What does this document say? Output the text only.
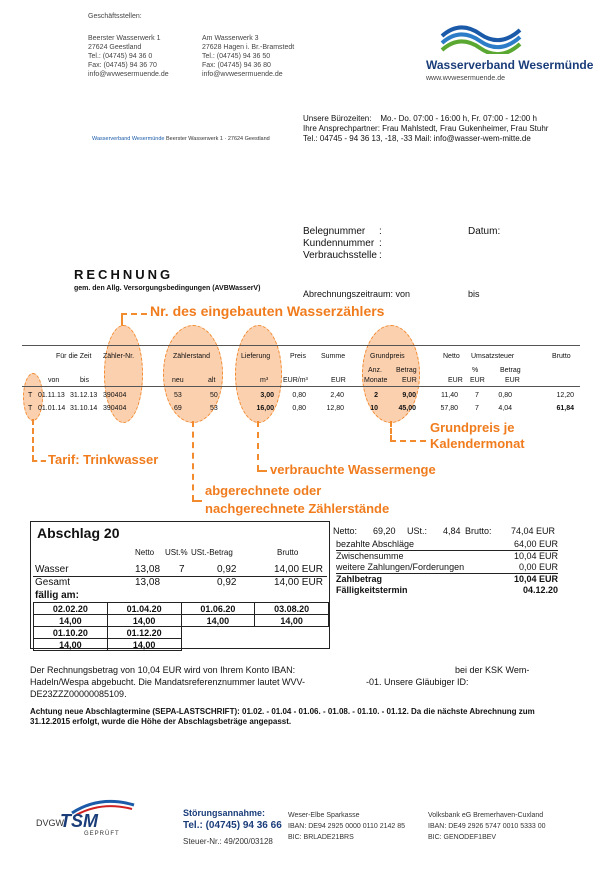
Geschäftsstellen:
Beerster Wasserwerk 1
27624 Geestland
Tel.: (04745) 94 36 0
Fax: (04745) 94 36 70
info@wvwesermuende.de
Am Wasserwerk 3
27628 Hagen i. Br.-Bramstedt
Tel.: (04745) 94 36 50
Fax: (04745) 94 36 80
info@wvwesermuende.de
Wasserverband Wesermünde
www.wvwesermuende.de
Wasserverband Wesermünde Beerster Wasserwerk 1 · 27624 Geestland
Unsere Bürozeiten: Mo.- Do. 07:00 - 16:00 h, Fr. 07:00 - 12:00 h
Ihre Ansprechpartner: Frau Mahlstedt, Frau Gukenheimer, Frau Stuhr
Tel.: 04745 - 94 36 13, -18, -33 Mail: info@wasser-wem-mitte.de
Belegnummer :
Kundennummer :
Verbrauchsstelle :
Datum:
RECHNUNG
gem. den Allg. Versorgungsbedingungen (AVBWasserV)
Abrechnungszeitraum: von	bis
Nr. des eingebauten Wasserzählers
Grundpreis je
Kalendermonat
Tarif: Trinkwasser
verbrauchte Wassermenge
abgerechnete oder
nachgerechnete Zählerstände
Für die Zeit Zähler-Nr.	Zählerstand	Lieferung	Preis Summe	Grundpreis	Netto Umsatzsteuer	Brutto
Anz. Betrag	%	Betrag
von	bis	neu	alt	m³ EUR/m³	EUR	Monate EUR	EUR EUR	EUR
T 01.11.13 31.12.13 390404	53	50	3,00	0,80	2,40	2	9,00	11,40 7	0,80	12,20
T 01.01.14 31.10.14 390404	69	53	16,00	0,80	12,80	10	45,00	57,80 7	4,04	61,84
Abschlag 20
Netto USt.% USt.-Betrag	Brutto
Wasser	13,08 7	0,92	14,00 EUR
Gesamt	13,08	0,92	14,00 EUR
fällig am:
02.02.20	01.04.20	01.06.20	03.08.20
14,00	14,00	14,00	14,00
01.10.20	01.12.20		
14,00	14,00		
Netto: 69,20 USt.: 4,84 Brutto: 74,04 EUR
bezahlte Abschläge	64,00 EUR
Zwischensumme	10,04 EUR
weitere Zahlungen/Forderungen	0,00 EUR
Zahlbetrag	10,04 EUR
Fälligkeitstermin	04.12.20
Der Rechnungsbetrag von 10,04 EUR wird von Ihrem Konto IBAN:	bei der KSK Wem-
Hadeln/Wespa abgebucht. Die Mandatsreferenznummer lautet WVV-	-01. Unsere Gläubiger ID:
DE23ZZZ00000085109.
Achtung neue Abschlagtermine (SEPA-LASTSCHRIFT): 01.02. - 01.04 - 01.06. - 01.08. - 01.10. - 01.12. Da die nächste Abrechnung zum 31.12.2015 erfolgt, wurde die Höhe der Abschlagsbeträge angepasst.
DVGW
TSM
GEPRÜFT
Störungsannahme:
Tel.: (04745) 94 36 66
Steuer-Nr.: 49/200/03128
Weser-Elbe Sparkasse
IBAN: DE94 2925 0000 0110 2142 85
BIC: BRLADE21BRS
Volksbank eG Bremerhaven-Cuxland
IBAN: DE49 2926 5747 0010 5333 00
BIC: GENODEF1BEV
